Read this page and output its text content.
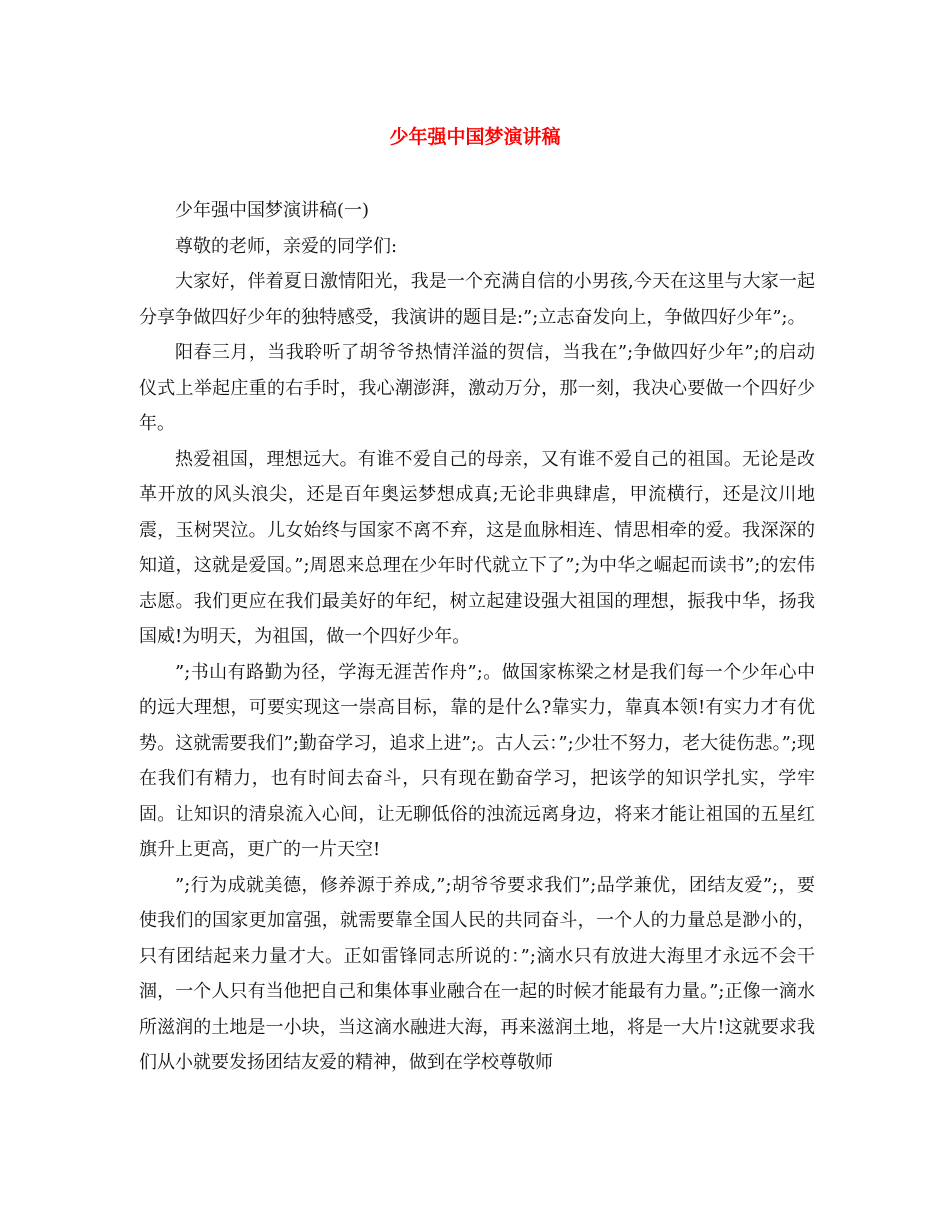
少年强中国梦演讲稿

少年强中国梦演讲稿(一)

尊敬的老师，亲爱的同学们:

大家好，伴着夏日激情阳光，我是一个充满自信的小男孩,今天在这里与大家一起分享争做四好少年的独特感受，我演讲的题目是:”;立志奋发向上，争做四好少年”;。

阳春三月，当我聆听了胡爷爷热情洋溢的贺信，当我在”;争做四好少年”;的启动仪式上举起庄重的右手时，我心潮澎湃，激动万分，那一刻，我决心要做一个四好少年。

热爱祖国，理想远大。有谁不爱自己的母亲，又有谁不爱自己的祖国。无论是改革开放的风头浪尖，还是百年奥运梦想成真;无论非典肆虐，甲流横行，还是汶川地震，玉树哭泣。儿女始终与国家不离不弃，这是血脉相连、情思相牵的爱。我深深的知道，这就是爱国。”;周恩来总理在少年时代就立下了”;为中华之崛起而读书”;的宏伟志愿。我们更应在我们最美好的年纪，树立起建设强大祖国的理想，振我中华，扬我国威!为明天，为祖国，做一个四好少年。

”;书山有路勤为径，学海无涯苦作舟”;。做国家栋梁之材是我们每一个少年心中的远大理想，可要实现这一崇高目标，靠的是什么?靠实力，靠真本领!有实力才有优势。这就需要我们”;勤奋学习，追求上进”;。古人云：”;少壮不努力，老大徒伤悲。”;现在我们有精力，也有时间去奋斗，只有现在勤奋学习，把该学的知识学扎实，学牢固。让知识的清泉流入心间，让无聊低俗的浊流远离身边，将来才能让祖国的五星红旗升上更高，更广的一片天空!

”;行为成就美德，修养源于养成,”;胡爷爷要求我们”;品学兼优，团结友爱”;，要使我们的国家更加富强，就需要靠全国人民的共同奋斗，一个人的力量总是渺小的，只有团结起来力量才大。正如雷锋同志所说的：”;滴水只有放进大海里才永远不会干涸，一个人只有当他把自己和集体事业融合在一起的时候才能最有力量。”;正像一滴水所滋润的土地是一小块，当这滴水融进大海，再来滋润土地，将是一大片!这就要求我们从小就要发扬团结友爱的精神，做到在学校尊敬师
